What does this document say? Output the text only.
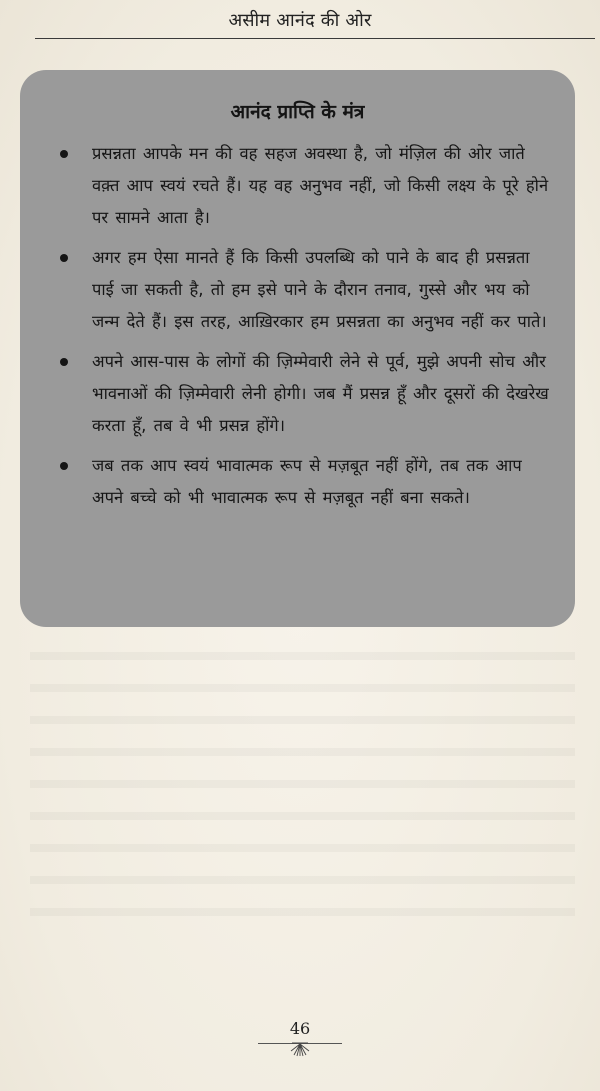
असीम आनंद की ओर
आनंद प्राप्ति के मंत्र
प्रसन्नता आपके मन की वह सहज अवस्था है, जो मंज़िल की ओर जाते वक़्त आप स्वयं रचते हैं। यह वह अनुभव नहीं, जो किसी लक्ष्य के पूरे होने पर सामने आता है।
अगर हम ऐसा मानते हैं कि किसी उपलब्धि को पाने के बाद ही प्रसन्नता पाई जा सकती है, तो हम इसे पाने के दौरान तनाव, गुस्से और भय को जन्म देते हैं। इस तरह, आख़िरकार हम प्रसन्नता का अनुभव नहीं कर पाते।
अपने आस-पास के लोगों की ज़िम्मेवारी लेने से पूर्व, मुझे अपनी सोच और भावनाओं की ज़िम्मेवारी लेनी होगी। जब मैं प्रसन्न हूँ और दूसरों की देखरेख करता हूँ, तब वे भी प्रसन्न होंगे।
जब तक आप स्वयं भावात्मक रूप से मज़बूत नहीं होंगे, तब तक आप अपने बच्चे को भी भावात्मक रूप से मज़बूत नहीं बना सकते।
46
